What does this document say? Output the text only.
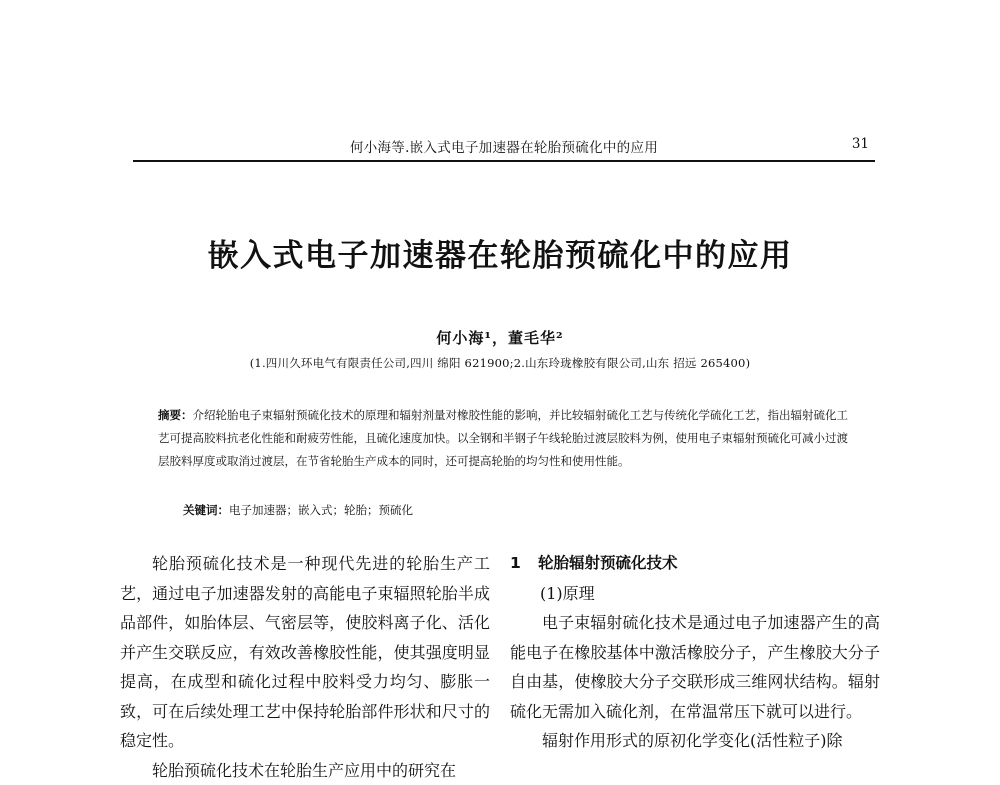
何小海等.嵌入式电子加速器在轮胎预硫化中的应用	31
嵌入式电子加速器在轮胎预硫化中的应用
何小海¹，董毛华²
(1.四川久环电气有限责任公司,四川 绵阳 621900;2.山东玲珑橡胶有限公司,山东 招远 265400)
摘要：介绍轮胎电子束辐射预硫化技术的原理和辐射剂量对橡胶性能的影响，并比较辐射硫化工艺与传统化学硫化工艺，指出辐射硫化工艺可提高胶料抗老化性能和耐疲劳性能，且硫化速度加快。以全钢和半钢子午线轮胎过渡层胶料为例，使用电子束辐射预硫化可减小过渡层胶料厚度或取消过渡层，在节省轮胎生产成本的同时，还可提高轮胎的均匀性和使用性能。
关键词：电子加速器；嵌入式；轮胎；预硫化

轮胎预硫化技术是一种现代先进的轮胎生产工艺，通过电子加速器发射的高能电子束辐照轮胎半成品部件，如胎体层、气密层等，使胶料离子化、活化并产生交联反应，有效改善橡胶性能，使其强度明显提高，在成型和硫化过程中胶料受力均匀、膨胀一致，可在后续处理工艺中保持轮胎部件形状和尺寸的稳定性。

轮胎预硫化技术在轮胎生产应用中的研究在

1 轮胎辐射预硫化技术

(1)原理

电子束辐射硫化技术是通过电子加速器产生的高能电子在橡胶基体中激活橡胶分子，产生橡胶大分子自由基，使橡胶大分子交联形成三维网状结构。辐射硫化无需加入硫化剂，在常温常压下就可以进行。

辐射作用形式的原初化学变化(活性粒子)除
